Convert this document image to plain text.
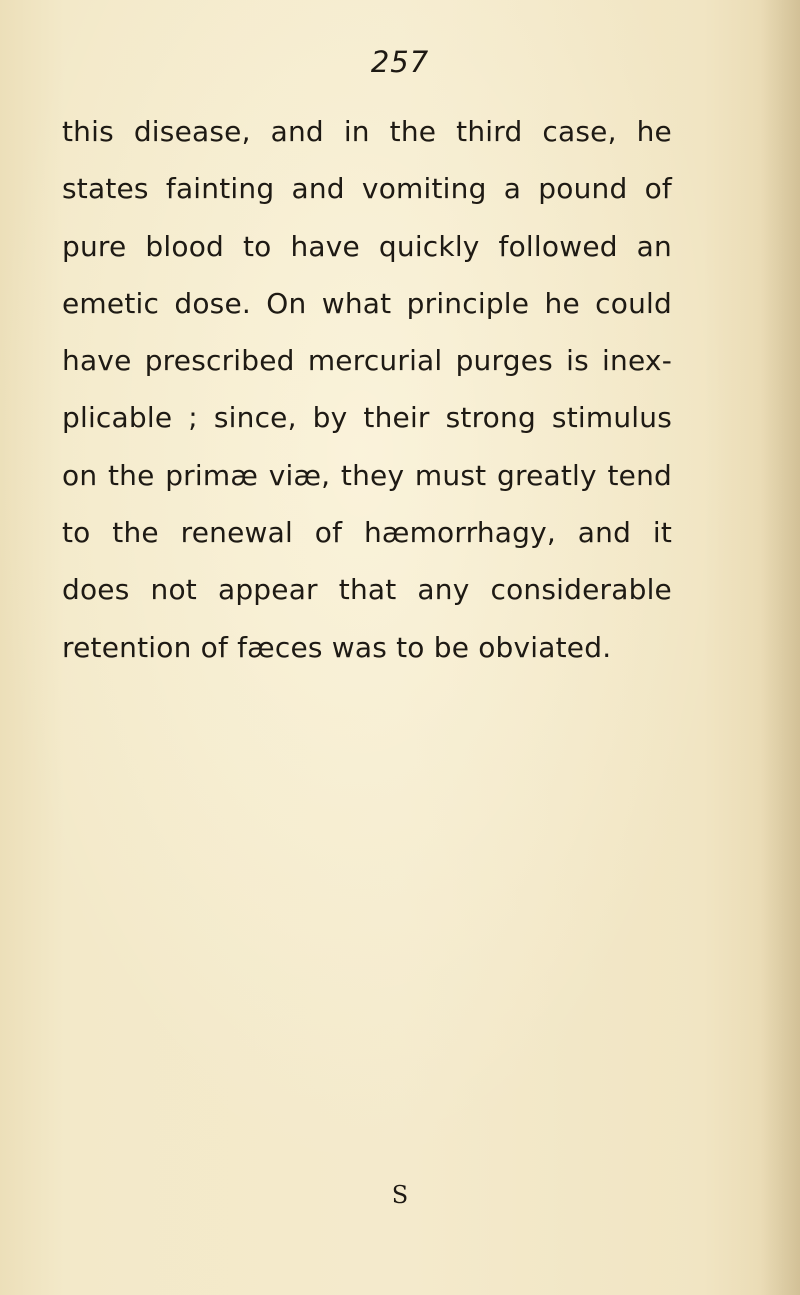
257
this disease, and in the third case, he
states fainting and vomiting a pound of
pure blood to have quickly followed an
emetic dose. On what principle he could
have prescribed mercurial purges is inex-
plicable ; since, by their strong stimulus
on the primæ viæ, they must greatly tend
to the renewal of hæmorrhagy, and it
does not appear that any considerable
retention of fæces was to be obviated.
S
